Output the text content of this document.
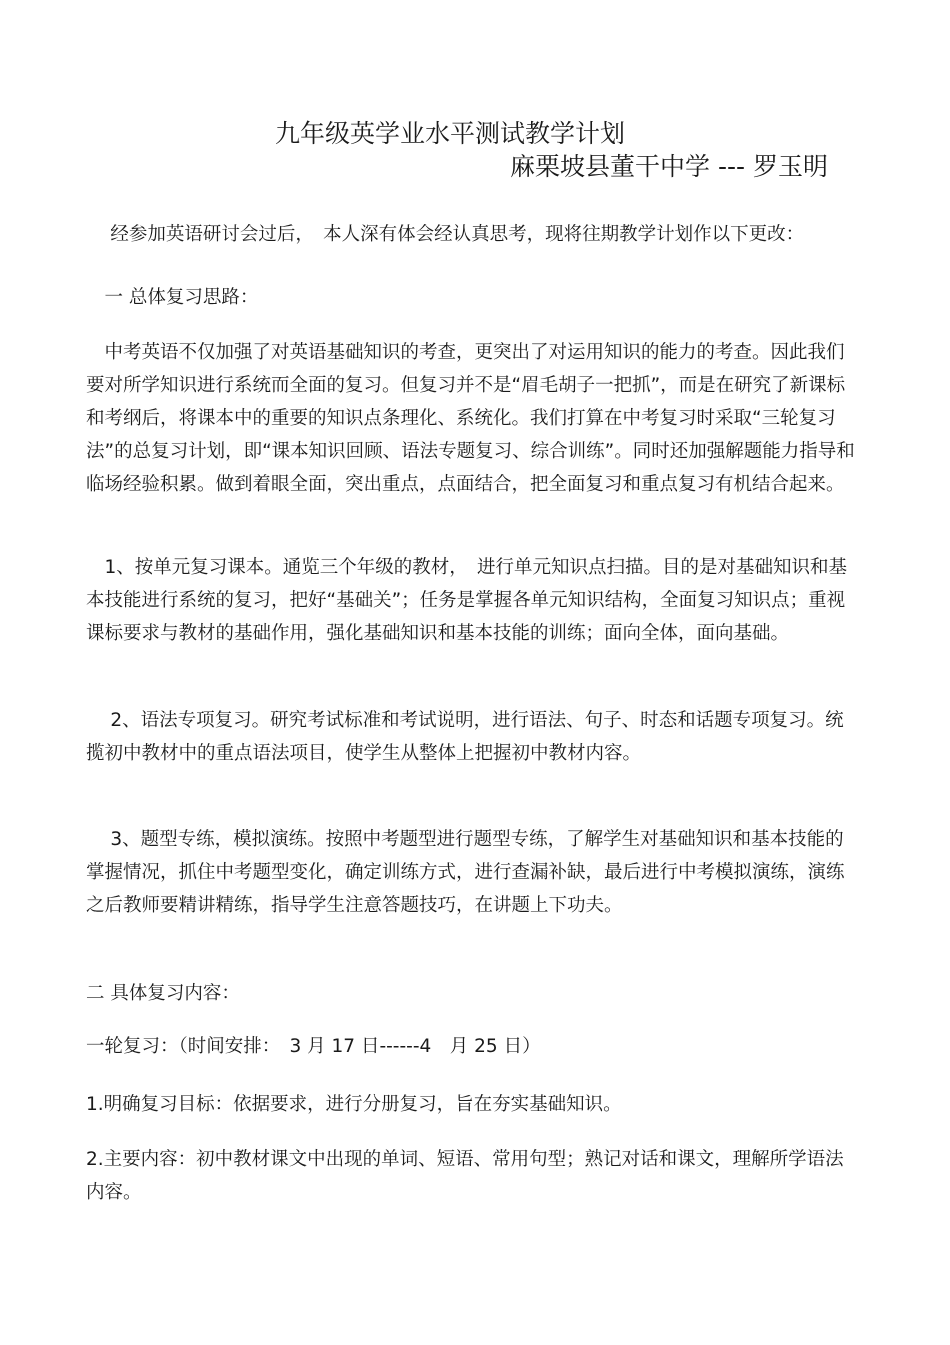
九年级英学业水平测试教学计划
麻栗坡县董干中学 --- 罗玉明

　 经参加英语研讨会过后，　本人深有体会经认真思考，现将往期教学计划作以下更改：

　一 总体复习思路：

　中考英语不仅加强了对英语基础知识的考查，更突出了对运用知识的能力的考查。因此我们要对所学知识进行系统而全面的复习。但复习并不是“眉毛胡子一把抓”，而是在研究了新课标和考纲后，将课本中的重要的知识点条理化、系统化。我们打算在中考复习时采取“三轮复习法”的总复习计划，即“课本知识回顾、语法专题复习、综合训练”。同时还加强解题能力指导和临场经验积累。做到着眼全面，突出重点，点面结合，把全面复习和重点复习有机结合起来。

　1、按单元复习课本。通览三个年级的教材，　进行单元知识点扫描。目的是对基础知识和基本技能进行系统的复习，把好“基础关”；任务是掌握各单元知识结构，全面复习知识点；重视课标要求与教材的基础作用，强化基础知识和基本技能的训练；面向全体，面向基础。

　 2、语法专项复习。研究考试标准和考试说明，进行语法、句子、时态和话题专项复习。统揽初中教材中的重点语法项目，使学生从整体上把握初中教材内容。

　 3、题型专练，模拟演练。按照中考题型进行题型专练，了解学生对基础知识和基本技能的掌握情况，抓住中考题型变化，确定训练方式，进行查漏补缺，最后进行中考模拟演练，演练之后教师要精讲精练，指导学生注意答题技巧，在讲题上下功夫。

二 具体复习内容：

一轮复习：（时间安排：　3 月 17 日------4　月 25 日）

1.明确复习目标：依据要求，进行分册复习，旨在夯实基础知识。

2.主要内容：初中教材课文中出现的单词、短语、常用句型；熟记对话和课文，理解所学语法内容。
